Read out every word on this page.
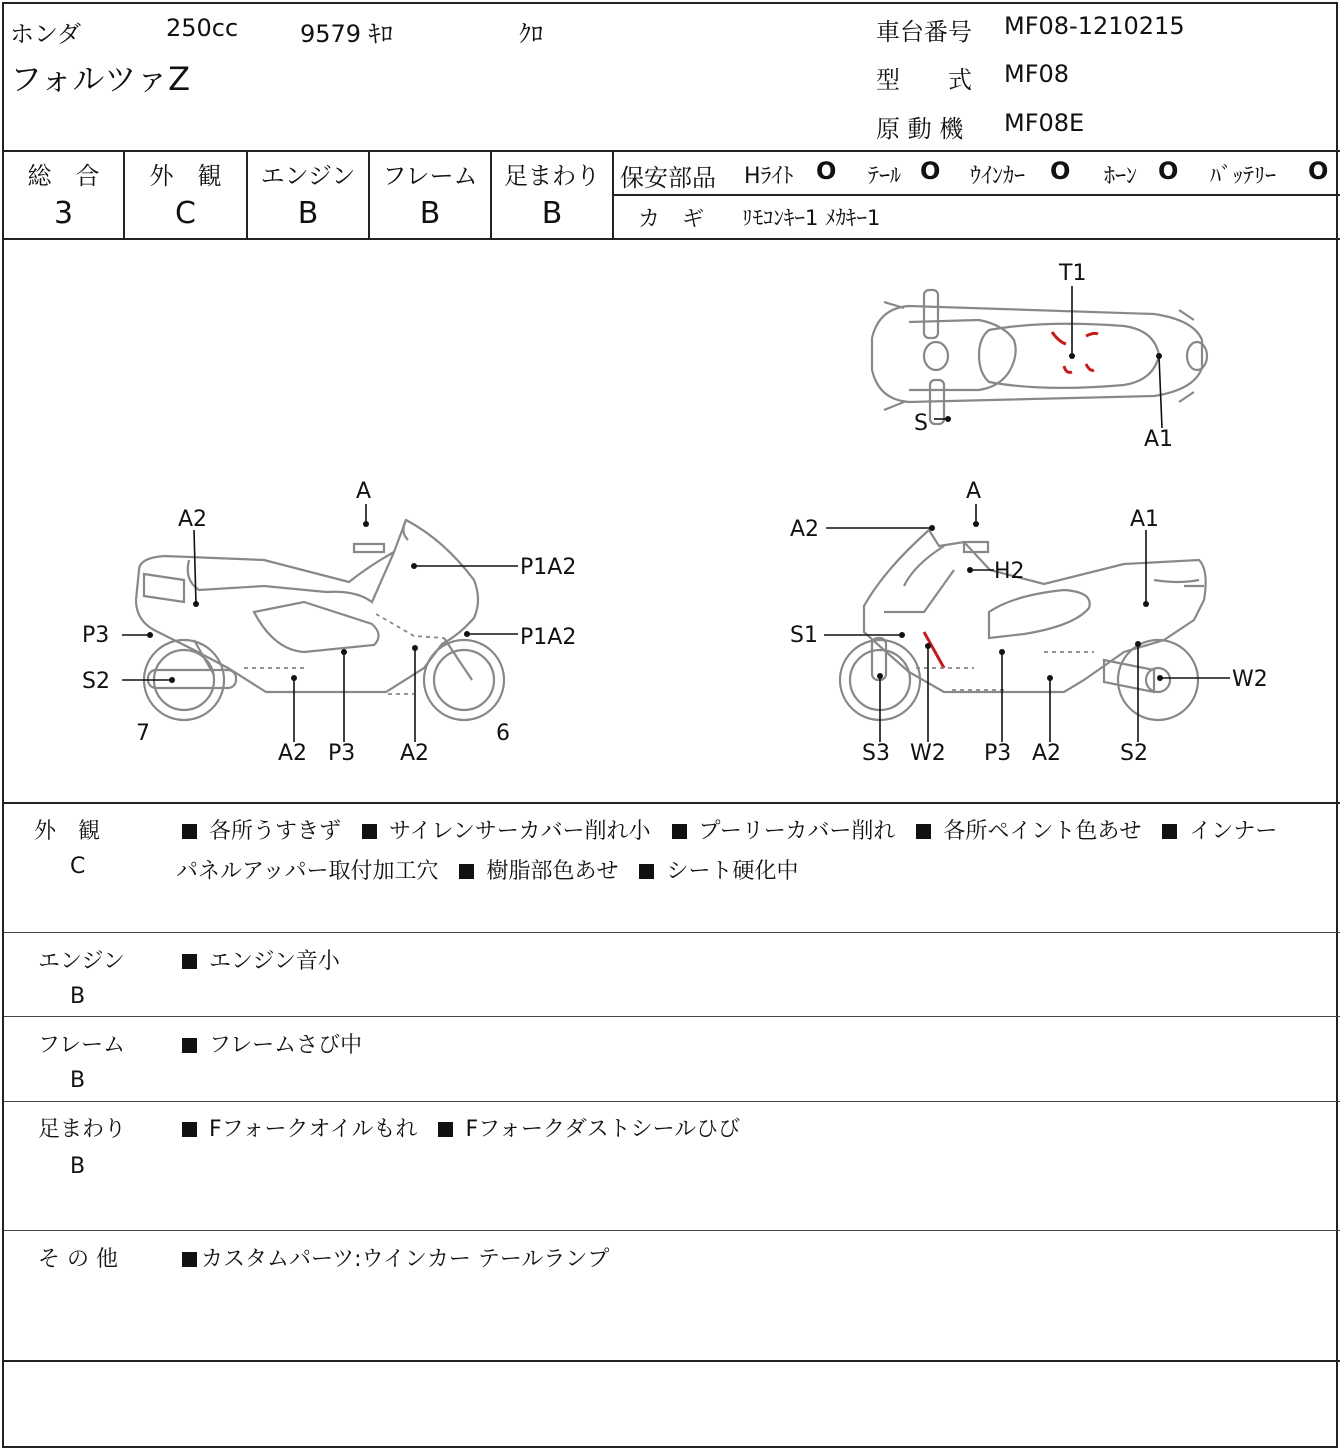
ホンダ	250cc	9579 ｷﾛ	ｸﾛ
フォルツァZ
車台番号 MF08-1210215
型　　式 MF08
原 動 機 MF08E
総　合
3
外　観
C
エンジン
B
フレーム
B
足まわり
B
保安部品 Hﾗｲﾄ O ﾃｰﾙ O ｳｲﾝｶｰ O ﾎｰﾝ O ﾊﾞｯﾃﾘｰ O
カ　ギ ﾘﾓｺﾝｷｰ1 ﾒｶｷｰ1
T1
S
A1
A
A2
P1A2
P1A2
P3
S2
7	6
A2 P3 A2
A
A2	A1
H2
S1
W2
S3 W2 P3 A2	S2
外　観
C
各所うすきず サイレンサーカバー削れ小 プーリーカバー削れ 各所ペイント色あせ インナー
パネルアッパー取付加工穴 樹脂部色あせ シート硬化中
エンジン
B
エンジン音小
フレーム
B
フレームさび中
足まわり
B
Fフォークオイルもれ Fフォークダストシールひび
そ の 他	カスタムパーツ:ウインカー テールランプ
